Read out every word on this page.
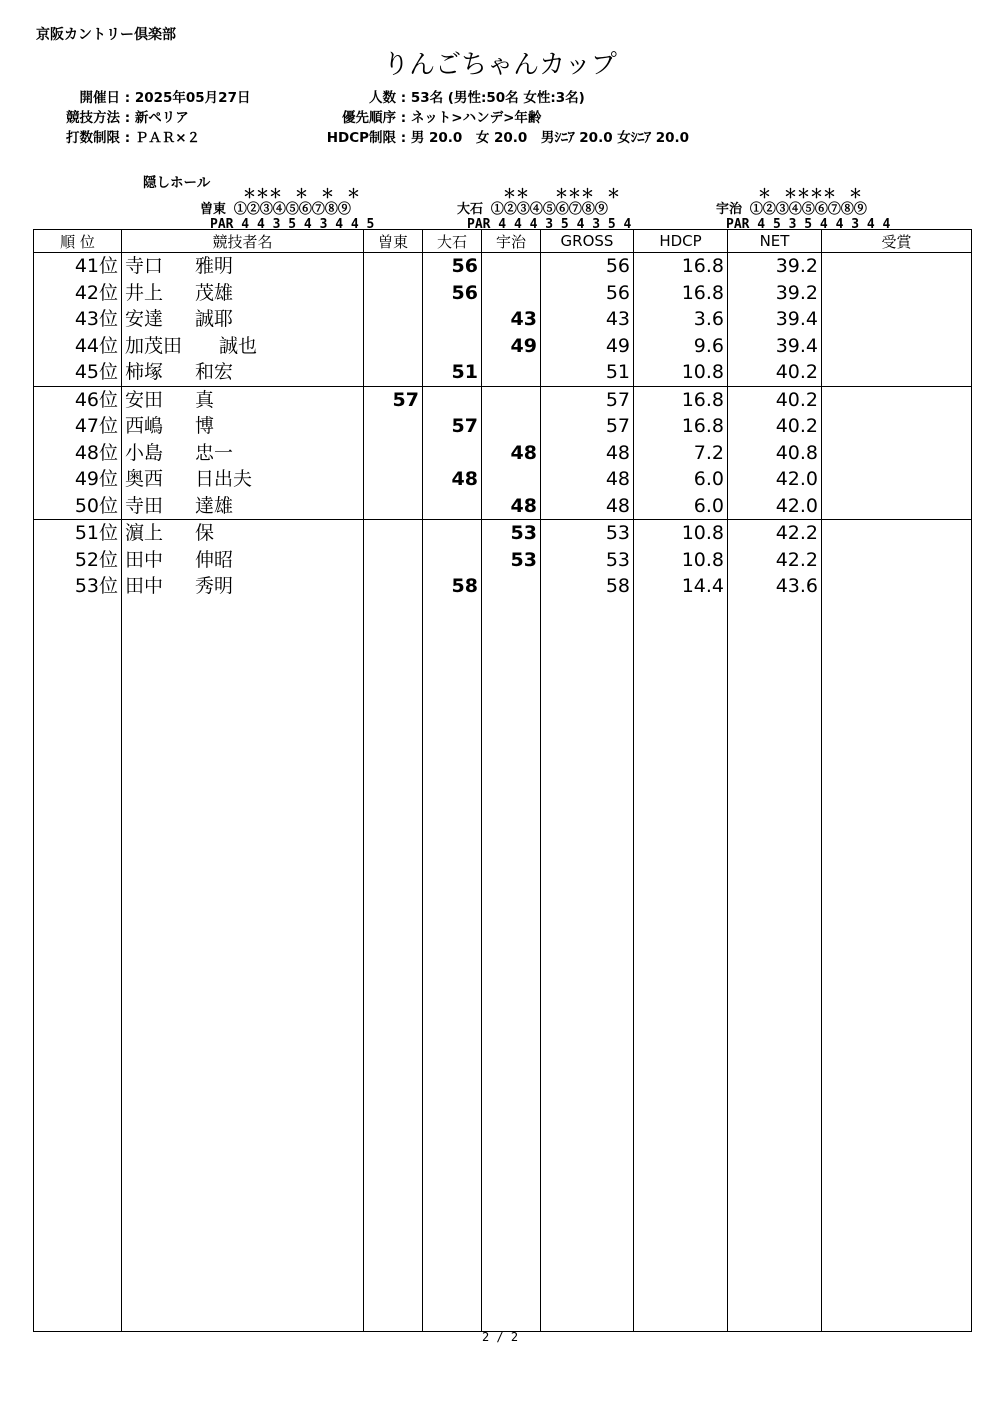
京阪カントリー倶楽部
りんごちゃんカップ
開催日 : 2025年05月27日
競技方法 : 新ペリア
打数制限 : ＰＡＲ×２
人数 : 53名 (男性:50名 女性:3名)
優先順序 : ネット>ハンデ>年齢
HDCP制限 : 男 20.0　女 20.0　男ｼﾆｱ 20.0 女ｼﾆｱ 20.0
隠しホール

＊＊＊　＊　＊　＊
曽東 ①②③④⑤⑥⑦⑧⑨
PAR 4 4 3 5 4 3 4 4 5

　　＊＊　　＊＊＊　＊
大石 ①②③④⑤⑥⑦⑧⑨
PAR 4 4 4 3 5 4 3 5 4

＊　＊＊＊＊　＊
宇治 ①②③④⑤⑥⑦⑧⑨
PAR 4 5 3 5 4 4 3 4 4

順 位	競技者名	曽東	大石	宇治	GROSS	HDCP	NET	受賞
41位	寺口 雅明		56		56	16.8	39.2	
42位	井上 茂雄		56		56	16.8	39.2	
43位	安達 誠耶			43	43	3.6	39.4	
44位	加茂田 誠也			49	49	9.6	39.4	
45位	柿塚 和宏		51		51	10.8	40.2	
46位	安田 真	57			57	16.8	40.2	
47位	西嶋 博		57		57	16.8	40.2	
48位	小島 忠一			48	48	7.2	40.8	
49位	奥西 日出夫		48		48	6.0	42.0	
50位	寺田 達雄			48	48	6.0	42.0	
51位	濵上 保			53	53	10.8	42.2	
52位	田中 伸昭			53	53	10.8	42.2	
53位	田中 秀明		58		58	14.4	43.6	

2 / 2
